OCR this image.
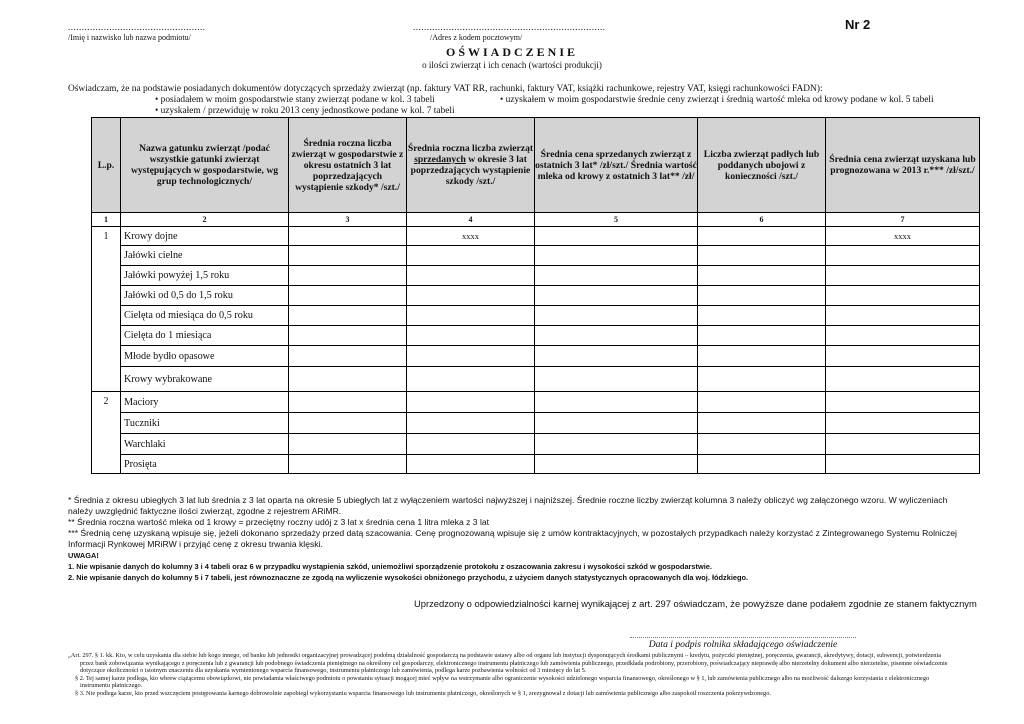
..................................................
/Imię i nazwisko lub nazwa podmiotu/
......................................................................
/Adres z kodem pocztowym/
Nr 2
OŚWIADCZENIE
o ilości zwierząt i ich cenach (wartości produkcji)
Oświadczam, że na podstawie posiadanych dokumentów dotyczących sprzedaży zwierząt (np. faktury VAT RR, rachunki, faktury VAT, książki rachunkowe, rejestry VAT, księgi rachunkowości FADN):
• posiadałem w moim gospodarstwie stany zwierząt podane w kol. 3 tabeli	• uzyskałem w moim gospodarstwie średnie ceny zwierząt i średnią wartość mleka od krowy podane w kol. 5 tabeli
• uzyskałem / przewiduję w roku 2013 ceny jednostkowe podane w kol. 7 tabeli
L.p.	Nazwa gatunku zwierząt /podać wszystkie gatunki zwierząt występujących w gospodarstwie, wg grup technologicznych/	Średnia roczna liczba zwierząt w gospodarstwie z okresu ostatnich 3 lat poprzedzających wystąpienie szkody* /szt./	Średnia roczna liczba zwierząt sprzedanych w okresie 3 lat poprzedzających wystąpienie szkody /szt./	Średnia cena sprzedanych zwierząt z ostatnich 3 lat* /zł/szt./ Średnia wartość mleka od krowy z ostatnich 3 lat** /zł/	Liczba zwierząt padłych lub poddanych ubojowi z konieczności /szt./	Średnia cena zwierząt uzyskana lub prognozowana w 2013 r.*** /zł/szt./
1	2	3	4	5	6	7
1	Krowy dojne		xxxx			xxxx
	Jałówki cielne					
	Jałówki powyżej 1,5 roku					
	Jałówki od 0,5 do 1,5 roku					
	Cielęta od miesiąca do 0,5 roku					
	Cielęta do 1 miesiąca					
	Młode bydło opasowe					
	Krowy wybrakowane					
2	Maciory					
	Tuczniki					
	Warchlaki					
	Prosięta					
* Średnia z okresu ubiegłych 3 lat lub średnia z 3 lat oparta na okresie 5 ubiegłych lat z wyłączeniem wartości najwyższej i najniższej. Średnie roczne liczby zwierząt kolumna 3 należy obliczyć wg załączonego wzoru. W wyliczeniach należy uwzględnić faktyczne ilości zwierząt, zgodne z rejestrem ARiMR.
** Średnia roczna wartość mleka od 1 krowy = przeciętny roczny udój z 3 lat x średnia cena 1 litra mleka z 3 lat
*** Średnią cenę uzyskaną wpisuje się, jeżeli dokonano sprzedaży przed datą szacowania. Cenę prognozowaną wpisuje się z umów kontraktacyjnych, w pozostałych przypadkach należy korzystać z Zintegrowanego Systemu Rolniczej Informacji Rynkowej MRiRW i przyjąć cenę z okresu trwania klęski.
UWAGA!
1. Nie wpisanie danych do kolumny 3 i 4 tabeli oraz 6 w przypadku wystąpienia szkód, uniemożliwi sporządzenie protokołu z oszacowania zakresu i wysokości szkód w gospodarstwie.
2. Nie wpisanie danych do kolumny 5 i 7 tabeli, jest równoznaczne ze zgodą na wyliczenie wysokości obniżonego przychodu, z użyciem danych statystycznych opracowanych dla woj. łódzkiego.
Uprzedzony o odpowiedzialności karnej wynikającej z art. 297 oświadczam, że powyższe dane podałem zgodnie ze stanem faktycznym
Data i podpis rolnika składającego oświadczenie
„Art. 297. § 1. kk. Kto, w celu uzyskania dla siebie lub kogo innego, od banku lub jednostki organizacyjnej prowadzącej podobną działalność gospodarczą na podstawie ustawy albo od organu lub instytucji dysponujących środkami publicznymi – kredytu, pożyczki pieniężnej, poręczenia, gwarancji, akredytywy, dotacji, subwencji, potwierdzenia przez bank zobowiązania wynikającego z poręczenia lub z gwarancji lub podobnego świadczenia pieniężnego na określony cel gospodarczy, elektronicznego instrumentu płatniczego lub zamówienia publicznego, przedkłada podrobiony, przerobiony, poświadczający nieprawdę albo nierzetelny dokument albo nierzetelne, pisemne oświadczenie dotyczące okoliczności o istotnym znaczeniu dla uzyskania wymienionego wsparcia finansowego, instrumentu płatniczego lub zamówienia, podlega karze pozbawienia wolności od 3 miesięcy do lat 5.
§ 2. Tej samej karze podlega, kto wbrew ciążącemu obowiązkowi, nie powiadamia właściwego podmiotu o powstaniu sytuacji mogącej mieć wpływ na wstrzymanie albo ograniczenie wysokości udzielonego wsparcia finansowego, określonego w § 1, lub zamówienia publicznego albo na możliwość dalszego korzystania z elektronicznego instrumentu płatniczego.
§ 3. Nie podlega karze, kto przed wszczęciem postępowania karnego dobrowolnie zapobiegł wykorzystaniu wsparcia finansowego lub instrumentu płatniczego, określonych w § 1, zrezygnował z dotacji lub zamówienia publicznego albo zaspokoił roszczenia pokrzywdzonego.
